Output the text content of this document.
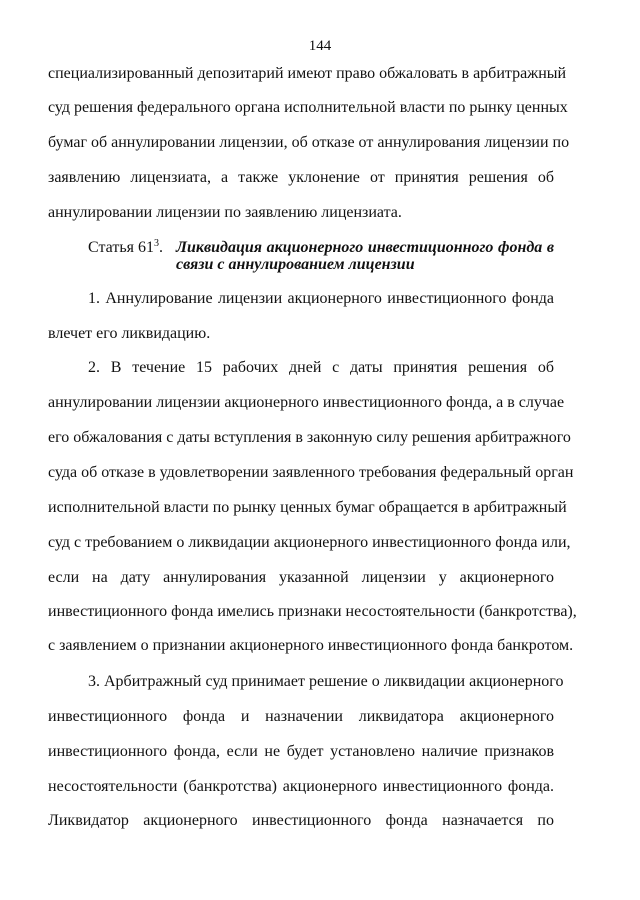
144
специализированный депозитарий имеют право обжаловать в арбитражный
суд решения федерального органа исполнительной власти по рынку ценных
бумаг об аннулировании лицензии, об отказе от аннулирования лицензии по
заявлению лицензиата, а также уклонение от принятия решения об
аннулировании лицензии по заявлению лицензиата.
Статья $61^3$. Ликвидация акционерного инвестиционного фонда в
связи с аннулированием лицензии
1. Аннулирование лицензии акционерного инвестиционного фонда
влечет его ликвидацию.
2. В течение 15 рабочих дней с даты принятия решения об
аннулировании лицензии акционерного инвестиционного фонда, а в случае
его обжалования с даты вступления в законную силу решения арбитражного
суда об отказе в удовлетворении заявленного требования федеральный орган
исполнительной власти по рынку ценных бумаг обращается в арбитражный
суд с требованием о ликвидации акционерного инвестиционного фонда или,
если на дату аннулирования указанной лицензии у акционерного
инвестиционного фонда имелись признаки несостоятельности (банкротства),
с заявлением о признании акционерного инвестиционного фонда банкротом.
3. Арбитражный суд принимает решение о ликвидации акционерного
инвестиционного фонда и назначении ликвидатора акционерного
инвестиционного фонда, если не будет установлено наличие признаков
несостоятельности (банкротства) акционерного инвестиционного фонда.
Ликвидатор акционерного инвестиционного фонда назначается по
